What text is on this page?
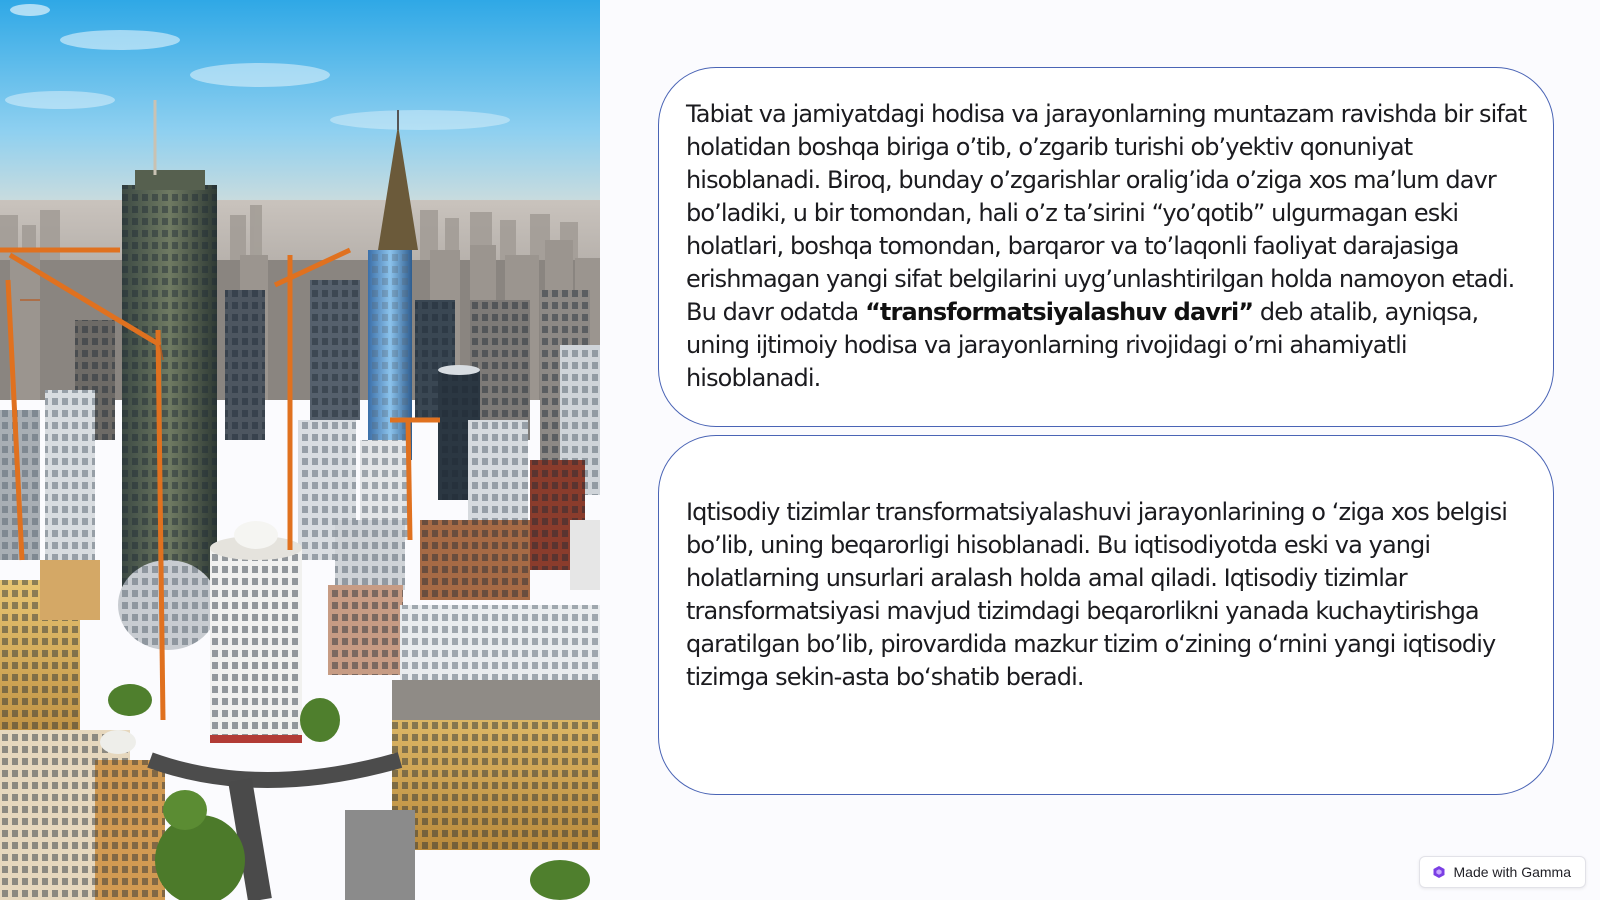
Tabiat va jamiyatdagi hodisa va jarayonlarning muntazam ravishda bir sifat holatidan boshqa biriga o’tib, o’zgarib turishi ob’yektiv qonuniyat hisoblanadi. Biroq, bunday o’zgarishlar oralig’ida o’ziga xos ma’lum davr bo’ladiki, u bir tomondan, hali o’z ta’sirini “yo’qotib” ulgurmagan eski holatlari, boshqa tomondan, barqaror va to’laqonli faoliyat darajasiga erishmagan yangi sifat belgilarini uyg’unlashtirilgan holda namoyon etadi. Bu davr odatda “transformatsiyalashuv davri” deb atalib, ayniqsa, uning ijtimoiy hodisa va jarayonlarning rivojidagi o’rni ahamiyatli hisoblanadi.

Iqtisodiy tizimlar transformatsiyalashuvi jarayonlarining o ‘ziga xos belgisi bo’lib, uning beqarorligi hisoblanadi. Bu iqtisodiyotda eski va yangi holatlarning unsurlari aralash holda amal qiladi. Iqtisodiy tizimlar transformatsiyasi mavjud tizimdagi beqarorlikni yanada kuchaytirishga qaratilgan bo’lib, pirovardida mazkur tizim o‘zining o‘rnini yangi iqtisodiy tizimga sekin-asta bo‘shatib beradi.

Made with Gamma
